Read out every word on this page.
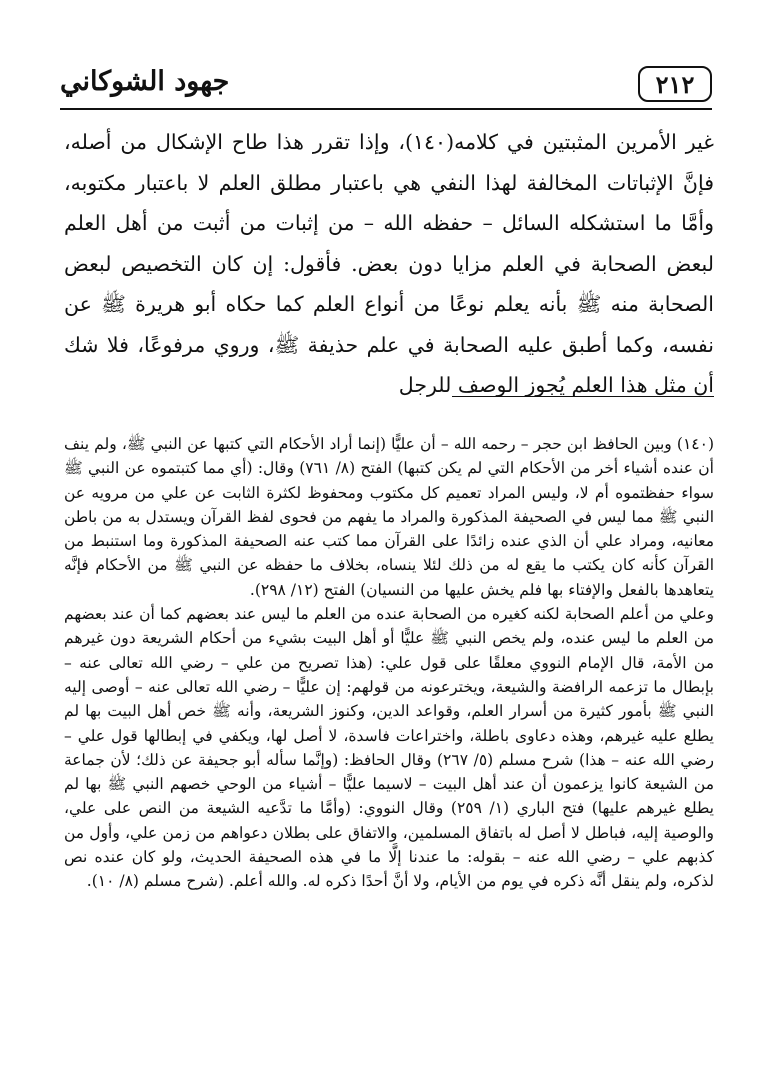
٢١٢
جهود الشوكاني

غير الأمرين المثبتين في كلامه(١٤٠)، وإذا تقرر هذا طاح الإشكال من أصله، فإنَّ الإثباتات المخالفة لهذا النفي هي باعتبار مطلق العلم لا باعتبار مكتوبه، وأمَّا ما استشكله السائل – حفظه الله – من إثبات من أثبت من أهل العلم لبعض الصحابة في العلم مزايا دون بعض. فأقول: إن كان التخصيص لبعض الصحابة منه ﷺ بأنه يعلم نوعًا من أنواع العلم كما حكاه أبو هريرة ﷺ عن نفسه، وكما أطبق عليه الصحابة في علم حذيفة ﷺ، وروي مرفوعًا، فلا شك أن مثل هذا العلم يُجوز الوصف للرجل

(١٤٠) وبين الحافظ ابن حجر – رحمه الله – أن عليًّا (إنما أراد الأحكام التي كتبها عن النبي ﷺ، ولم ينف أن عنده أشياء أخر من الأحكام التي لم يكن كتبها) الفتح (٨/ ٧٦١) وقال: (أي مما كتبتموه عن النبي ﷺ سواء حفظتموه أم لا، وليس المراد تعميم كل مكتوب ومحفوظ لكثرة الثابت عن علي من مرويه عن النبي ﷺ مما ليس في الصحيفة المذكورة والمراد ما يفهم من فحوى لفظ القرآن ويستدل به من باطن معانيه، ومراد علي أن الذي عنده زائدًا على القرآن مما كتب عنه الصحيفة المذكورة وما استنبط من القرآن كأنه كان يكتب ما يقع له من ذلك لئلا ينساه، بخلاف ما حفظه عن النبي ﷺ من الأحكام فإنَّه يتعاهدها بالفعل والإفتاء بها فلم يخش عليها من النسيان) الفتح (١٢/ ٢٩٨).

وعلي من أعلم الصحابة لكنه كغيره من الصحابة عنده من العلم ما ليس عند بعضهم كما أن عند بعضهم من العلم ما ليس عنده، ولم يخص النبي ﷺ عليًّا أو أهل البيت بشيء من أحكام الشريعة دون غيرهم من الأمة، قال الإمام النووي معلقًا على قول علي: (هذا تصريح من علي – رضي الله تعالى عنه – بإبطال ما تزعمه الرافضة والشيعة، ويخترعونه من قولهم: إن عليًّا – رضي الله تعالى عنه – أوصى إليه النبي ﷺ بأمور كثيرة من أسرار العلم، وقواعد الدين، وكنوز الشريعة، وأنه ﷺ خص أهل البيت بها لم يطلع عليه غيرهم، وهذه دعاوى باطلة، واختراعات فاسدة، لا أصل لها، ويكفي في إبطالها قول علي – رضي الله عنه – هذا) شرح مسلم (٥/ ٢٦٧) وقال الحافظ: (وإنَّما سأله أبو جحيفة عن ذلك؛ لأن جماعة من الشيعة كانوا يزعمون أن عند أهل البيت – لاسيما عليًّا – أشياء من الوحي خصهم النبي ﷺ بها لم يطلع غيرهم عليها) فتح الباري (١/ ٢٥٩) وقال النووي: (وأمَّا ما تدَّعيه الشيعة من النص على علي، والوصية إليه، فباطل لا أصل له باتفاق المسلمين، والاتفاق على بطلان دعواهم من زمن علي، وأول من كذبهم علي – رضي الله عنه – بقوله: ما عندنا إلَّا ما في هذه الصحيفة الحديث، ولو كان عنده نص لذكره، ولم ينقل أنَّه ذكره في يوم من الأيام، ولا أنَّ أحدًا ذكره له. والله أعلم. (شرح مسلم (٨/ ١٠).
